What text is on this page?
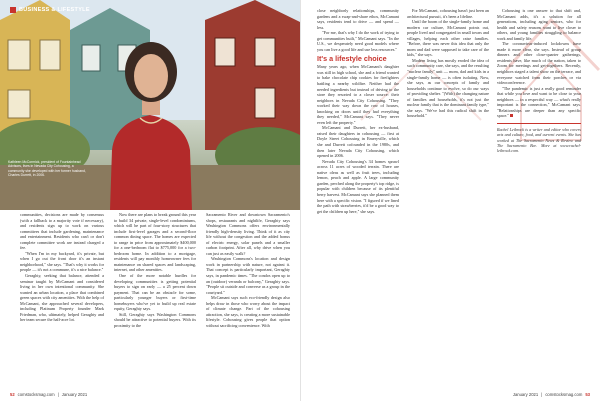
BUSINESS & LIFESTYLE
Kathleen McCormick, president of Fountainhead Advisors, lives in Nevada City Cohousing, a community she developed with her former husband, Charles Durrett, in 2006.

communities, decisions are made by consensus (with a fallback to a majority vote if necessary), and residents sign up to work on various committees that include gardening, maintenance and entertainment. Residents who can't or don't complete committee work are instead charged a fee.

"When I'm in my backyard, it's private, but when I go out the front door it's an instant neighborhood," she says. "That's why it works for people — it's not a commune, it's a nice balance."

Geraghty, seeking that balance, attended a seminar taught by McCamant and considered living in her own intentional community. She wanted an urban location, a place that combined green spaces with city amenities. With the help of McCamant, she approached several developers, including Platinum Property founder Mark Friedman, who, ultimately, helped Geraghty and her team secure the half-acre lot.

Now there are plans to break ground this year to build 34 private, single-level condominiums, which will be part of four-story structures that include first-level garages and a second-floor common dining space. The homes are expected to range in price from approximately $400,000 for a one-bedroom flat to $775,000 for a two-bedroom home. In addition to a mortgage, residents will pay monthly homeowner fees for maintenance on shared spaces and landscaping, internet, and other amenities.

One of the more notable hurdles for developing communities is getting potential buyers to sign on early — a 25 percent down payment. That can be an obstacle for some, particularly younger buyers or first-time homebuyers who've yet to build up real estate equity, Geraghty says.

Still, Geraghty says Washington Commons should be attractive to potential buyers. With its proximity to the

Sacramento River and downtown Sacramento's shops, restaurants and nightlife, Geraghty says Washington Commons offers environmentally friendly high-density living. Think of it as city life without the congestion and the added bonus of electric energy, solar panels and a smaller carbon footprint. After all, why drive when you can just as easily walk?

Washington Commons's location and design work in partnership with nature, not against it. That concept is particularly important, Geraghty says, in pandemic times. "The condos open up to an (outdoor) veranda or balcony," Geraghty says. "People sit outside and converse as a group in the courtyard."

McCamant says such eco-friendly design also helps draw in those who worry about the impact of climate change. Part of the cohousing attraction, she says, is creating a more sustainable lifestyle. Cohousing gives people that option without sacrificing convenience. With

52 comstocksmag.com | January 2021

close neighborly relationships, community gardens and a swap-and-share ethos, McCamant says, residents tend to drive — and spend — less.

"For me, that's why I do the work of trying to get communities built," McCamant says. "In the U.S., we desperately need good models where you can live a good life and use less resources."

It's a lifestyle choice

Many years ago, when McCamant's daughter was still in high school, she and a friend wanted to bake chocolate chip cookies for firefighters battling a nearby wildfire. Neither had the needed ingredients but instead of driving to the store they resorted to a closer source: their neighbors in Nevada City Cohousing. "They worked their way down the row of houses, knocking on doors until they had everything they needed," McCamant says. "They never even left the property."

McCamant and Durrett, her ex-husband, raised their daughters in cohousing — first at Doyle Street Cohousing in Emeryville, which she and Durrett cofounded in the 1980s, and then later Nevada City Cohousing, which opened in 2006.

Nevada City Cohousing's 34 homes sprawl across 11 acres of wooded terrain. There are native oleas as well as fruit trees, including lemon, peach and apple. A large community garden, perched along the property's top ridge, is popular with children because of its plentiful berry harvest. McCamant says she planned them here with a specific vision. "I figured if we lined the path with strawberries, it'd be a good way to get the children up here," she says.

For McCamant, cohousing hasn't just been an architectural pursuit, it's been a lifeline.

Until the boom of the single-family home and modern car culture, McCamant points out, people lived and congregated in small towns and villages, helping each other raise families. "Before, there was never this idea that only the mom and dad were supposed to take care of the kids," she says.

Modern living has mostly eroded the idea of such community care, she says, and the resulting "nuclear family" unit — mom, dad and kids in a single-family home — is often isolating. Now, she says, as our concepts of family and households continue to evolve, so do our ways of providing shelter. "(With) the changing nature of families and households, it's not just the nuclear family that is the dominant family type," she says. "We've had this radical shift in the household."

Cohousing is one answer to that shift and, McCamant adds, it's a solution for all generations, including aging seniors, who for health and safety reasons want to live closer to others, and young families struggling to balance work and family life.

The coronavirus-induced lockdowns have made it more clear, she says. Instead of group dinners and other close-quarter gatherings, residents have, like much of the nation, taken to Zoom for meetings and get-togethers. Recently, neighbors staged a talent show on the terrace, and everyone watched from their porches or via videoconference.

"The pandemic is just a really good reminder that while you love and want to be close to your neighbors — in a respectful way — what's really important is the connection," McCamant says. "Relationships are deeper than any specific space."

Rachel Leibrock is a writer and editor who covers arts and culture, food, and current events. She has worked at The Sacramento News & Review and The Sacramento Bee. More at www.rachel-leibrock.com.
January 2021 | comstocksmag.com 53
